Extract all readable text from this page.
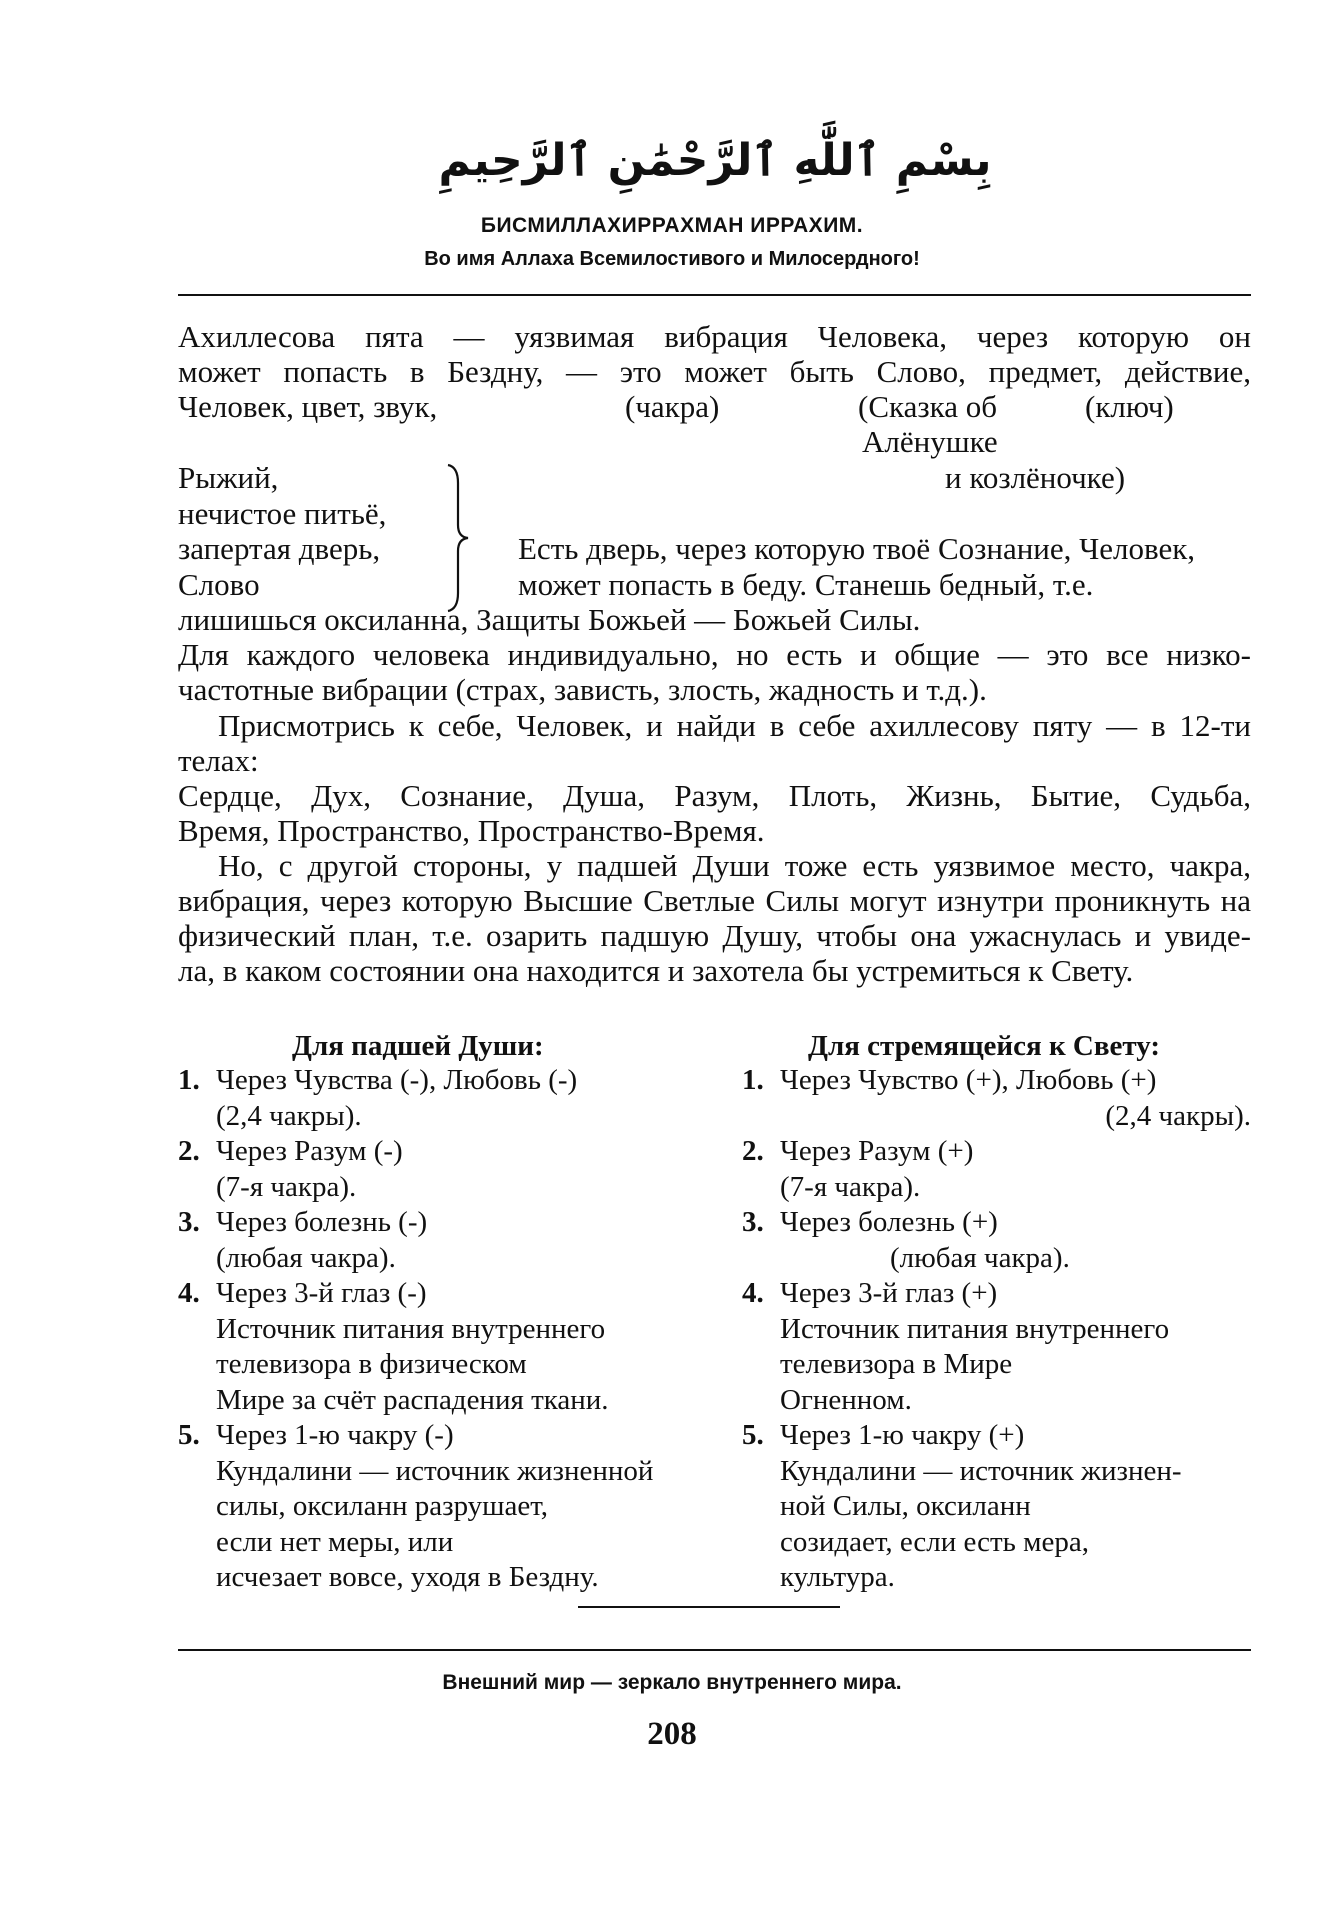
بِسْمِ ٱللَّٰهِ ٱلرَّحْمَٰنِ ٱلرَّحِيمِ
БИСМИЛЛАХИРРАХМАН ИРРАХИМ.
Во имя Аллаха Всемилостивого и Милосердного!
Ахиллесова пята — уязвимая вибрация Человека, через которую он
может попасть в Бездну, — это может быть Слово, предмет, действие,
Человек, цвет, звук,	(чакра)	(Сказка об	(ключ)
Алёнушке
и козлёночке)
Рыжий,
нечистое питьё,
запертая дверь,
Слово
Есть дверь, через которую твоё Сознание, Человек,
может попасть в беду. Станешь бедный, т.е.
лишишься оксиланна, Защиты Божьей — Божьей Силы.
Для каждого человека индивидуально, но есть и общие — это все низко-
частотные вибрации (страх, зависть, злость, жадность и т.д.).
Присмотрись к себе, Человек, и найди в себе ахиллесову пяту — в 12-ти
телах:
Сердце, Дух, Сознание, Душа, Разум, Плоть, Жизнь, Бытие, Судьба,
Время, Пространство, Пространство-Время.
Но, с другой стороны, у падшей Души тоже есть уязвимое место, чакра,
вибрация, через которую Высшие Светлые Силы могут изнутри проникнуть на
физический план, т.е. озарить падшую Душу, чтобы она ужаснулась и увиде-
ла, в каком состоянии она находится и захотела бы устремиться к Свету.
Для падшей Души:
1. Через Чувства (-), Любовь (-)
(2,4 чакры).
2. Через Разум (-)
(7-я чакра).
3. Через болезнь (-)
(любая чакра).
4. Через 3-й глаз (-)
Источник питания внутреннего
телевизора в физическом
Мире за счёт распадения ткани.
5. Через 1-ю чакру (-)
Кундалини — источник жизненной
силы, оксиланн разрушает,
если нет меры, или
исчезает вовсе, уходя в Бездну.
Для стремящейся к Свету:
1. Через Чувство (+), Любовь (+)
(2,4 чакры).
2. Через Разум (+)
(7-я чакра).
3. Через болезнь (+)
(любая чакра).
4. Через 3-й глаз (+)
Источник питания внутреннего
телевизора в Мире
Огненном.
5. Через 1-ю чакру (+)
Кундалини — источник жизнен-
ной Силы, оксиланн
созидает, если есть мера,
культура.
Внешний мир — зеркало внутреннего мира.
208
